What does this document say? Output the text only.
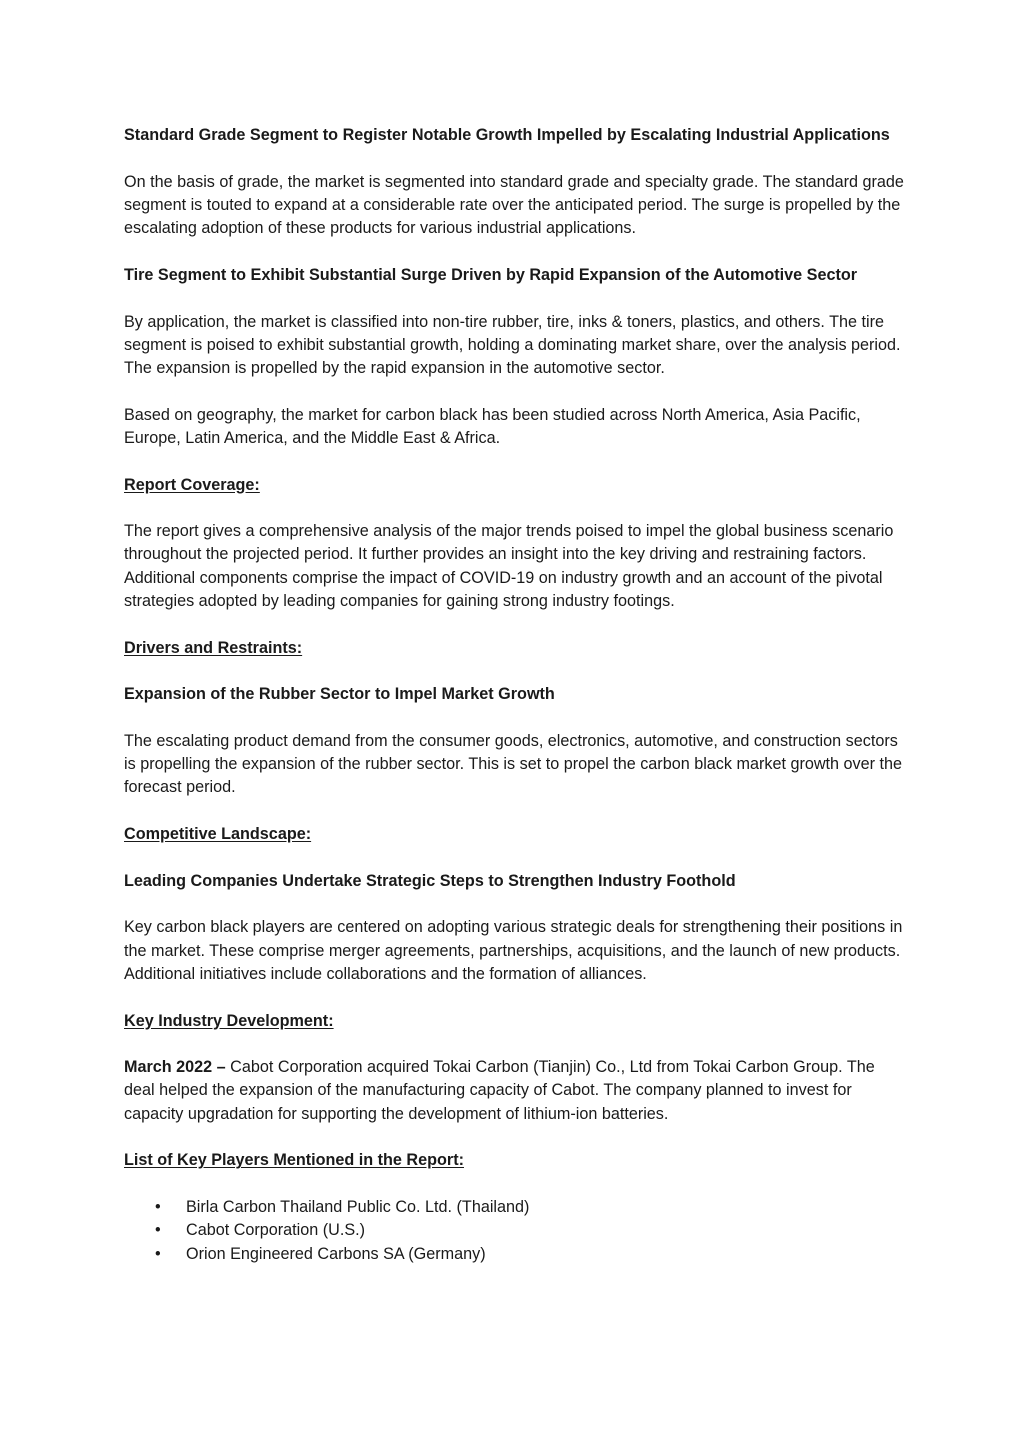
Standard Grade Segment to Register Notable Growth Impelled by Escalating Industrial Applications

On the basis of grade, the market is segmented into standard grade and specialty grade. The standard grade segment is touted to expand at a considerable rate over the anticipated period. The surge is propelled by the escalating adoption of these products for various industrial applications.

Tire Segment to Exhibit Substantial Surge Driven by Rapid Expansion of the Automotive Sector

By application, the market is classified into non-tire rubber, tire, inks & toners, plastics, and others. The tire segment is poised to exhibit substantial growth, holding a dominating market share, over the analysis period. The expansion is propelled by the rapid expansion in the automotive sector.

Based on geography, the market for carbon black has been studied across North America, Asia Pacific, Europe, Latin America, and the Middle East & Africa.

Report Coverage:

The report gives a comprehensive analysis of the major trends poised to impel the global business scenario throughout the projected period. It further provides an insight into the key driving and restraining factors. Additional components comprise the impact of COVID-19 on industry growth and an account of the pivotal strategies adopted by leading companies for gaining strong industry footings.

Drivers and Restraints:
Expansion of the Rubber Sector to Impel Market Growth

The escalating product demand from the consumer goods, electronics, automotive, and construction sectors is propelling the expansion of the rubber sector. This is set to propel the carbon black market growth over the forecast period.

Competitive Landscape:
Leading Companies Undertake Strategic Steps to Strengthen Industry Foothold

Key carbon black players are centered on adopting various strategic deals for strengthening their positions in the market. These comprise merger agreements, partnerships, acquisitions, and the launch of new products. Additional initiatives include collaborations and the formation of alliances.

Key Industry Development:

March 2022 – Cabot Corporation acquired Tokai Carbon (Tianjin) Co., Ltd from Tokai Carbon Group. The deal helped the expansion of the manufacturing capacity of Cabot. The company planned to invest for capacity upgradation for supporting the development of lithium-ion batteries.

List of Key Players Mentioned in the Report:
• Birla Carbon Thailand Public Co. Ltd. (Thailand)
• Cabot Corporation (U.S.)
• Orion Engineered Carbons SA (Germany)
